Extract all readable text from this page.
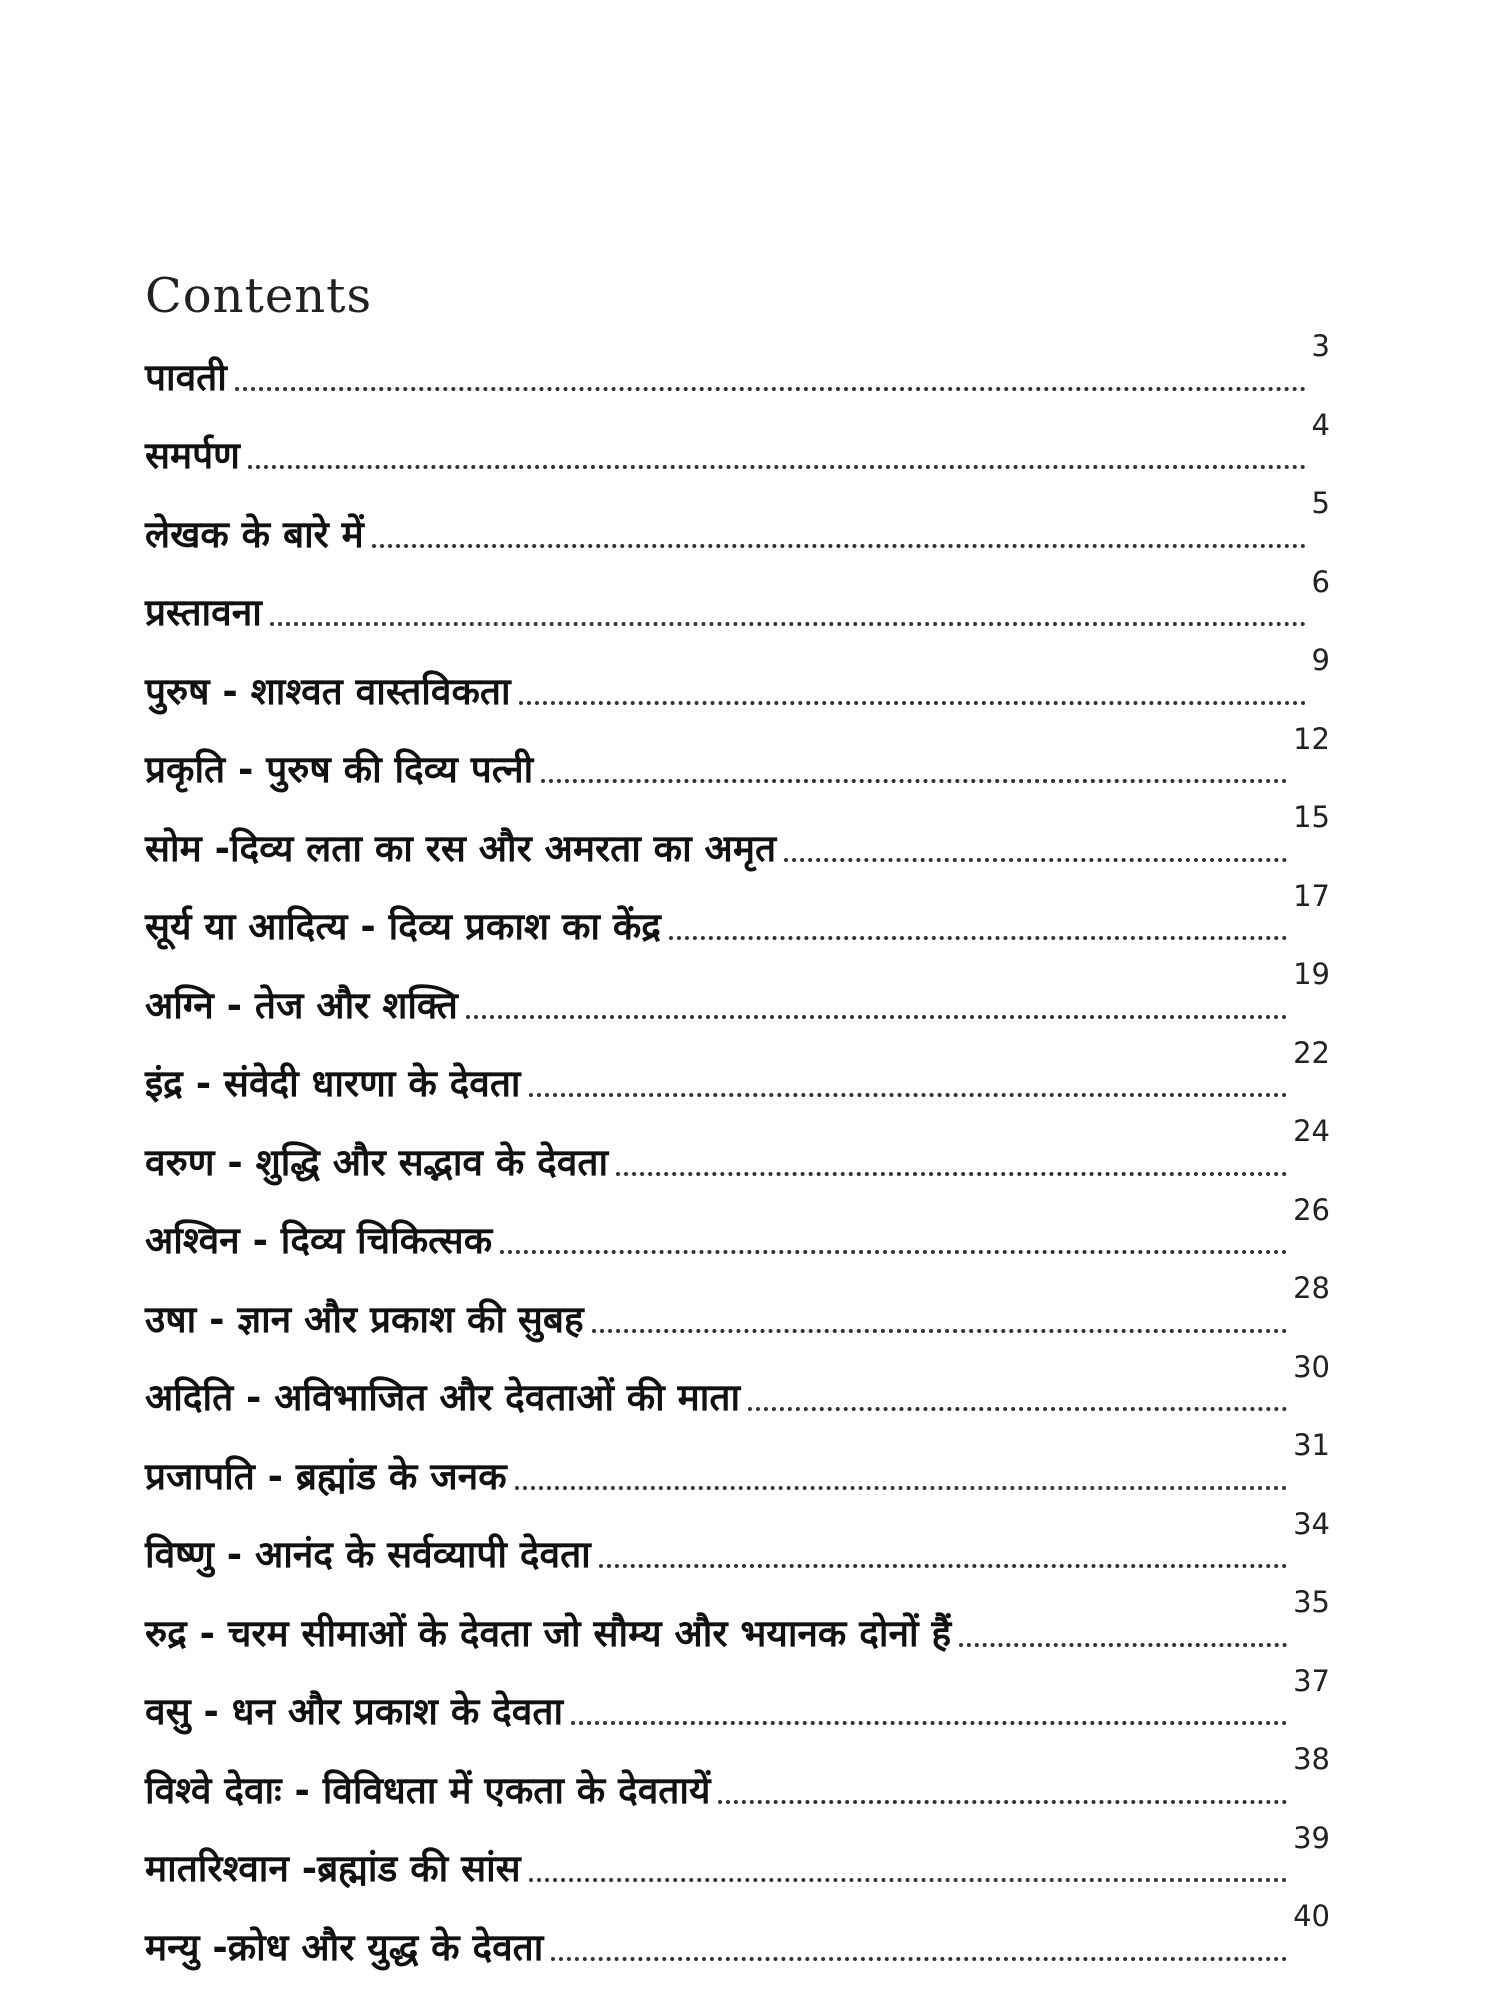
Contents
पावती
3
समर्पण
4
लेखक के बारे में
5
प्रस्तावना
6
पुरुष - शाश्वत वास्तविकता
9
प्रकृति - पुरुष की दिव्य पत्नी
12
सोम -दिव्य लता का रस और अमरता का अमृत
15
सूर्य या आदित्य - दिव्य प्रकाश का केंद्र
17
अग्नि - तेज और शक्ति
19
इंद्र - संवेदी धारणा के देवता
22
वरुण - शुद्धि और सद्भाव के देवता
24
अश्विन - दिव्य चिकित्सक
26
उषा - ज्ञान और प्रकाश की सुबह
28
अदिति - अविभाजित और देवताओं की माता
30
प्रजापति - ब्रह्मांड के जनक
31
विष्णु - आनंद के सर्वव्यापी देवता
34
रुद्र - चरम सीमाओं के देवता जो सौम्य और भयानक दोनों हैं
35
वसु - धन और प्रकाश के देवता
37
विश्वे देवाः - विविधता में एकता के देवतायें
38
मातरिश्वान -ब्रह्मांड की सांस
39
मन्यु -क्रोध और युद्ध के देवता
40
